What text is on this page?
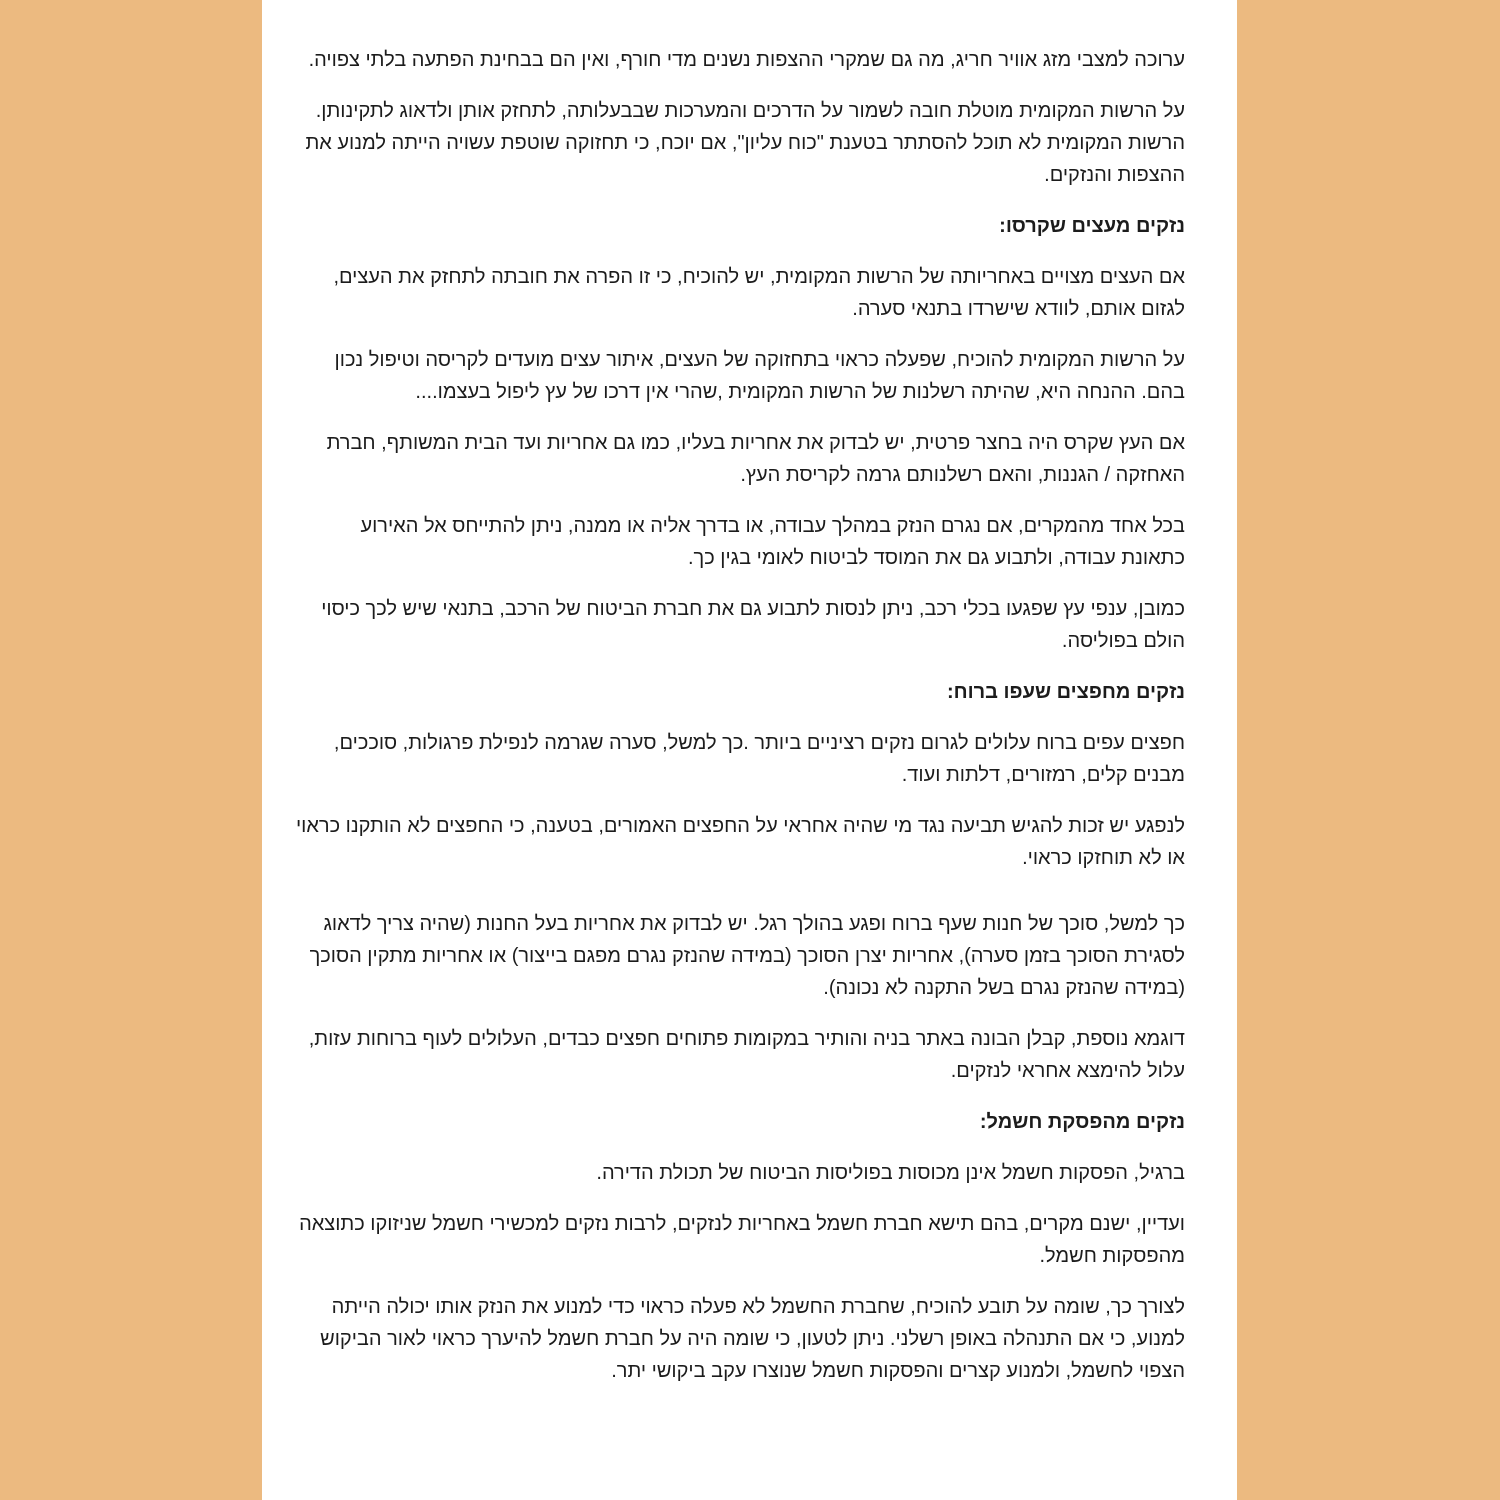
ערוכה למצבי מזג אוויר חריג, מה גם שמקרי ההצפות נשנים מדי חורף, ואין הם בבחינת הפתעה בלתי צפויה.

על הרשות המקומית מוטלת חובה לשמור על הדרכים והמערכות שבבעלותה, לתחזק אותן ולדאוג לתקינותן. הרשות המקומית לא תוכל להסתתר בטענת "כוח עליון", אם יוכח, כי תחזוקה שוטפת עשויה הייתה למנוע את ההצפות והנזקים.

נזקים מעצים שקרסו:

אם העצים מצויים באחריותה של הרשות המקומית, יש להוכיח, כי זו הפרה את חובתה לתחזק את העצים, לגזום אותם, לוודא שישרדו בתנאי סערה.

על הרשות המקומית להוכיח, שפעלה כראוי בתחזוקה של העצים, איתור עצים מועדים לקריסה וטיפול נכון בהם. ההנחה היא, שהיתה רשלנות של הרשות המקומית ,שהרי אין דרכו של עץ ליפול בעצמו....

אם העץ שקרס היה בחצר פרטית, יש לבדוק את אחריות בעליו, כמו גם אחריות ועד הבית המשותף, חברת האחזקה / הגננות, והאם רשלנותם גרמה לקריסת העץ.

בכל אחד מהמקרים, אם נגרם הנזק במהלך עבודה, או בדרך אליה או ממנה, ניתן להתייחס אל האירוע כתאונת עבודה, ולתבוע גם את המוסד לביטוח לאומי בגין כך.

כמובן, ענפי עץ שפגעו בכלי רכב, ניתן לנסות לתבוע גם את חברת הביטוח של הרכב, בתנאי שיש לכך כיסוי הולם בפוליסה.

נזקים מחפצים שעפו ברוח:

חפצים עפים ברוח עלולים לגרום נזקים רציניים ביותר .כך למשל, סערה שגרמה לנפילת פרגולות, סוככים, מבנים קלים, רמזורים, דלתות ועוד.

לנפגע יש זכות להגיש תביעה נגד מי שהיה אחראי על החפצים האמורים, בטענה, כי החפצים לא הותקנו כראוי או לא תוחזקו כראוי.

כך למשל, סוכך של חנות שעף ברוח ופגע בהולך רגל. יש לבדוק את אחריות בעל החנות (שהיה צריך לדאוג לסגירת הסוכך בזמן סערה), אחריות יצרן הסוכך (במידה שהנזק נגרם מפגם בייצור) או אחריות מתקין הסוכך (במידה שהנזק נגרם בשל התקנה לא נכונה).

דוגמא נוספת, קבלן הבונה באתר בניה והותיר במקומות פתוחים חפצים כבדים, העלולים לעוף ברוחות עזות, עלול להימצא אחראי לנזקים.

נזקים מהפסקת חשמל:

ברגיל, הפסקות חשמל אינן מכוסות בפוליסות הביטוח של תכולת הדירה.

ועדיין, ישנם מקרים, בהם תישא חברת חשמל באחריות לנזקים, לרבות נזקים למכשירי חשמל שניזוקו כתוצאה מהפסקות חשמל.

לצורך כך, שומה על תובע להוכיח, שחברת החשמל לא פעלה כראוי כדי למנוע את הנזק אותו יכולה הייתה למנוע, כי אם התנהלה באופן רשלני. ניתן לטעון, כי שומה היה על חברת חשמל להיערך כראוי לאור הביקוש הצפוי לחשמל, ולמנוע קצרים והפסקות חשמל שנוצרו עקב ביקושי יתר.
